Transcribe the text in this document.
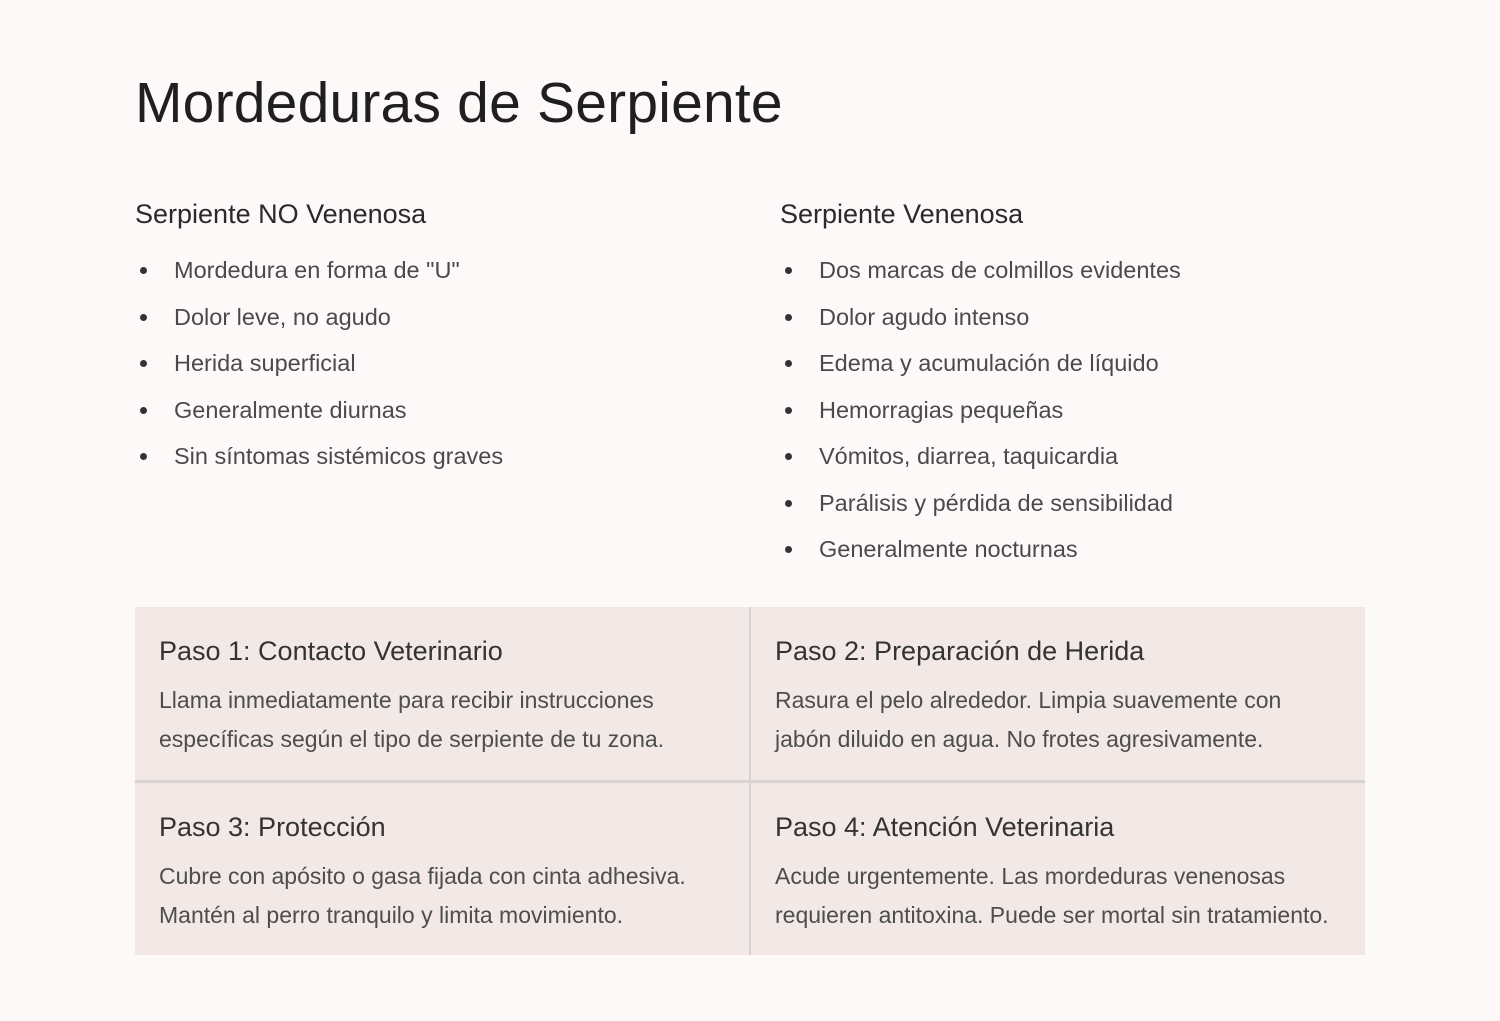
Mordeduras de Serpiente
Serpiente NO Venenosa
Mordedura en forma de "U"
Dolor leve, no agudo
Herida superficial
Generalmente diurnas
Sin síntomas sistémicos graves
Serpiente Venenosa
Dos marcas de colmillos evidentes
Dolor agudo intenso
Edema y acumulación de líquido
Hemorragias pequeñas
Vómitos, diarrea, taquicardia
Parálisis y pérdida de sensibilidad
Generalmente nocturnas
Paso 1: Contacto Veterinario

Llama inmediatamente para recibir instrucciones
específicas según el tipo de serpiente de tu zona.

Paso 2: Preparación de Herida

Rasura el pelo alrededor. Limpia suavemente con
jabón diluido en agua. No frotes agresivamente.

Paso 3: Protección

Cubre con apósito o gasa fijada con cinta adhesiva.
Mantén al perro tranquilo y limita movimiento.

Paso 4: Atención Veterinaria

Acude urgentemente. Las mordeduras venenosas
requieren antitoxina. Puede ser mortal sin tratamiento.
